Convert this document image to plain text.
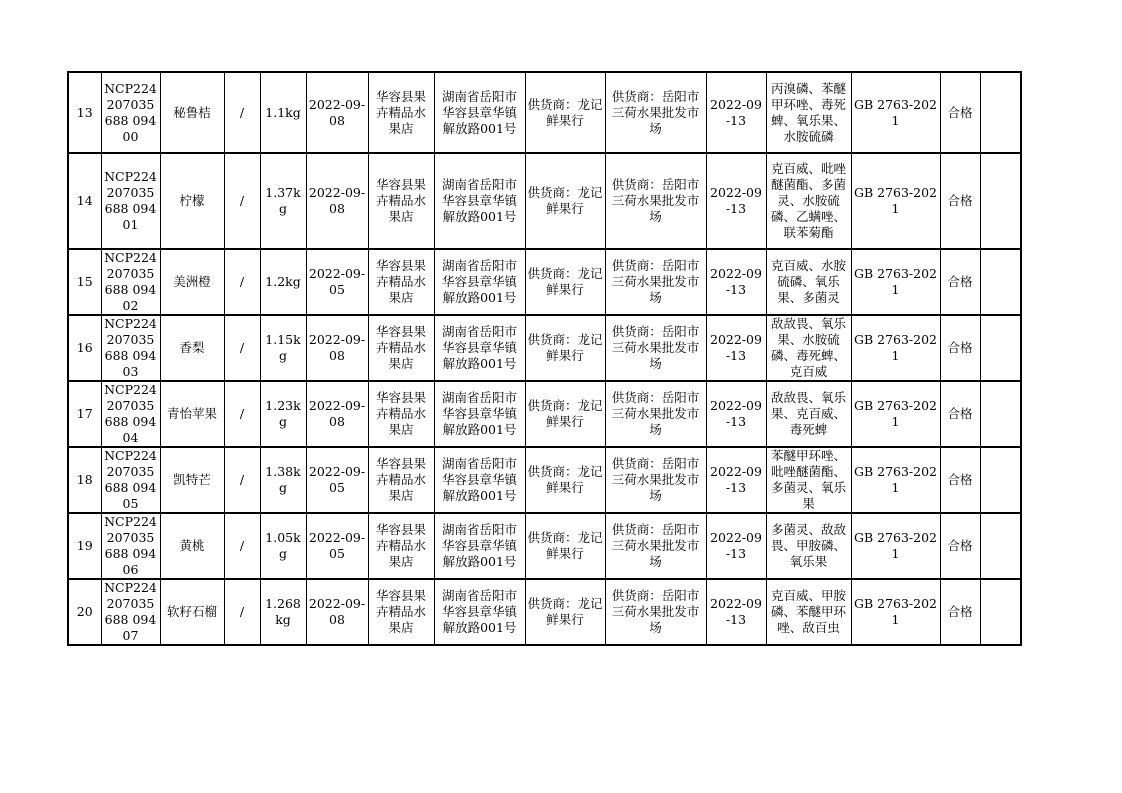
13	NCP224207035688 09400	秘鲁桔	/	1.1kg	2022-09-08	华容县果卉精品水果店	湖南省岳阳市华容县章华镇解放路001号	供货商：龙记鲜果行	供货商：岳阳市三荷水果批发市场	2022-09-13	丙溴磷、苯醚甲环唑、毒死蜱、氧乐果、水胺硫磷	GB 2763-2021	合格	
14	NCP224207035688 09401	柠檬	/	1.37kg	2022-09-08	华容县果卉精品水果店	湖南省岳阳市华容县章华镇解放路001号	供货商：龙记鲜果行	供货商：岳阳市三荷水果批发市场	2022-09-13	克百威、吡唑醚菌酯、多菌灵、水胺硫磷、乙螨唑、联苯菊酯	GB 2763-2021	合格	
15	NCP224207035688 09402	美洲橙	/	1.2kg	2022-09-05	华容县果卉精品水果店	湖南省岳阳市华容县章华镇解放路001号	供货商：龙记鲜果行	供货商：岳阳市三荷水果批发市场	2022-09-13	克百威、水胺硫磷、氧乐果、多菌灵	GB 2763-2021	合格	
16	NCP224207035688 09403	香梨	/	1.15kg	2022-09-08	华容县果卉精品水果店	湖南省岳阳市华容县章华镇解放路001号	供货商：龙记鲜果行	供货商：岳阳市三荷水果批发市场	2022-09-13	敌敌畏、氧乐果、水胺硫磷、毒死蜱、克百威	GB 2763-2021	合格	
17	NCP224207035688 09404	青怡苹果	/	1.23kg	2022-09-08	华容县果卉精品水果店	湖南省岳阳市华容县章华镇解放路001号	供货商：龙记鲜果行	供货商：岳阳市三荷水果批发市场	2022-09-13	敌敌畏、氧乐果、克百威、毒死蜱	GB 2763-2021	合格	
18	NCP224207035688 09405	凯特芒	/	1.38kg	2022-09-05	华容县果卉精品水果店	湖南省岳阳市华容县章华镇解放路001号	供货商：龙记鲜果行	供货商：岳阳市三荷水果批发市场	2022-09-13	苯醚甲环唑、吡唑醚菌酯、多菌灵、氧乐果	GB 2763-2021	合格	
19	NCP224207035688 09406	黄桃	/	1.05kg	2022-09-05	华容县果卉精品水果店	湖南省岳阳市华容县章华镇解放路001号	供货商：龙记鲜果行	供货商：岳阳市三荷水果批发市场	2022-09-13	多菌灵、敌敌畏、甲胺磷、氧乐果	GB 2763-2021	合格	
20	NCP224207035688 09407	软籽石榴	/	1.268kg	2022-09-08	华容县果卉精品水果店	湖南省岳阳市华容县章华镇解放路001号	供货商：龙记鲜果行	供货商：岳阳市三荷水果批发市场	2022-09-13	克百威、甲胺磷、苯醚甲环唑、敌百虫	GB 2763-2021	合格	
